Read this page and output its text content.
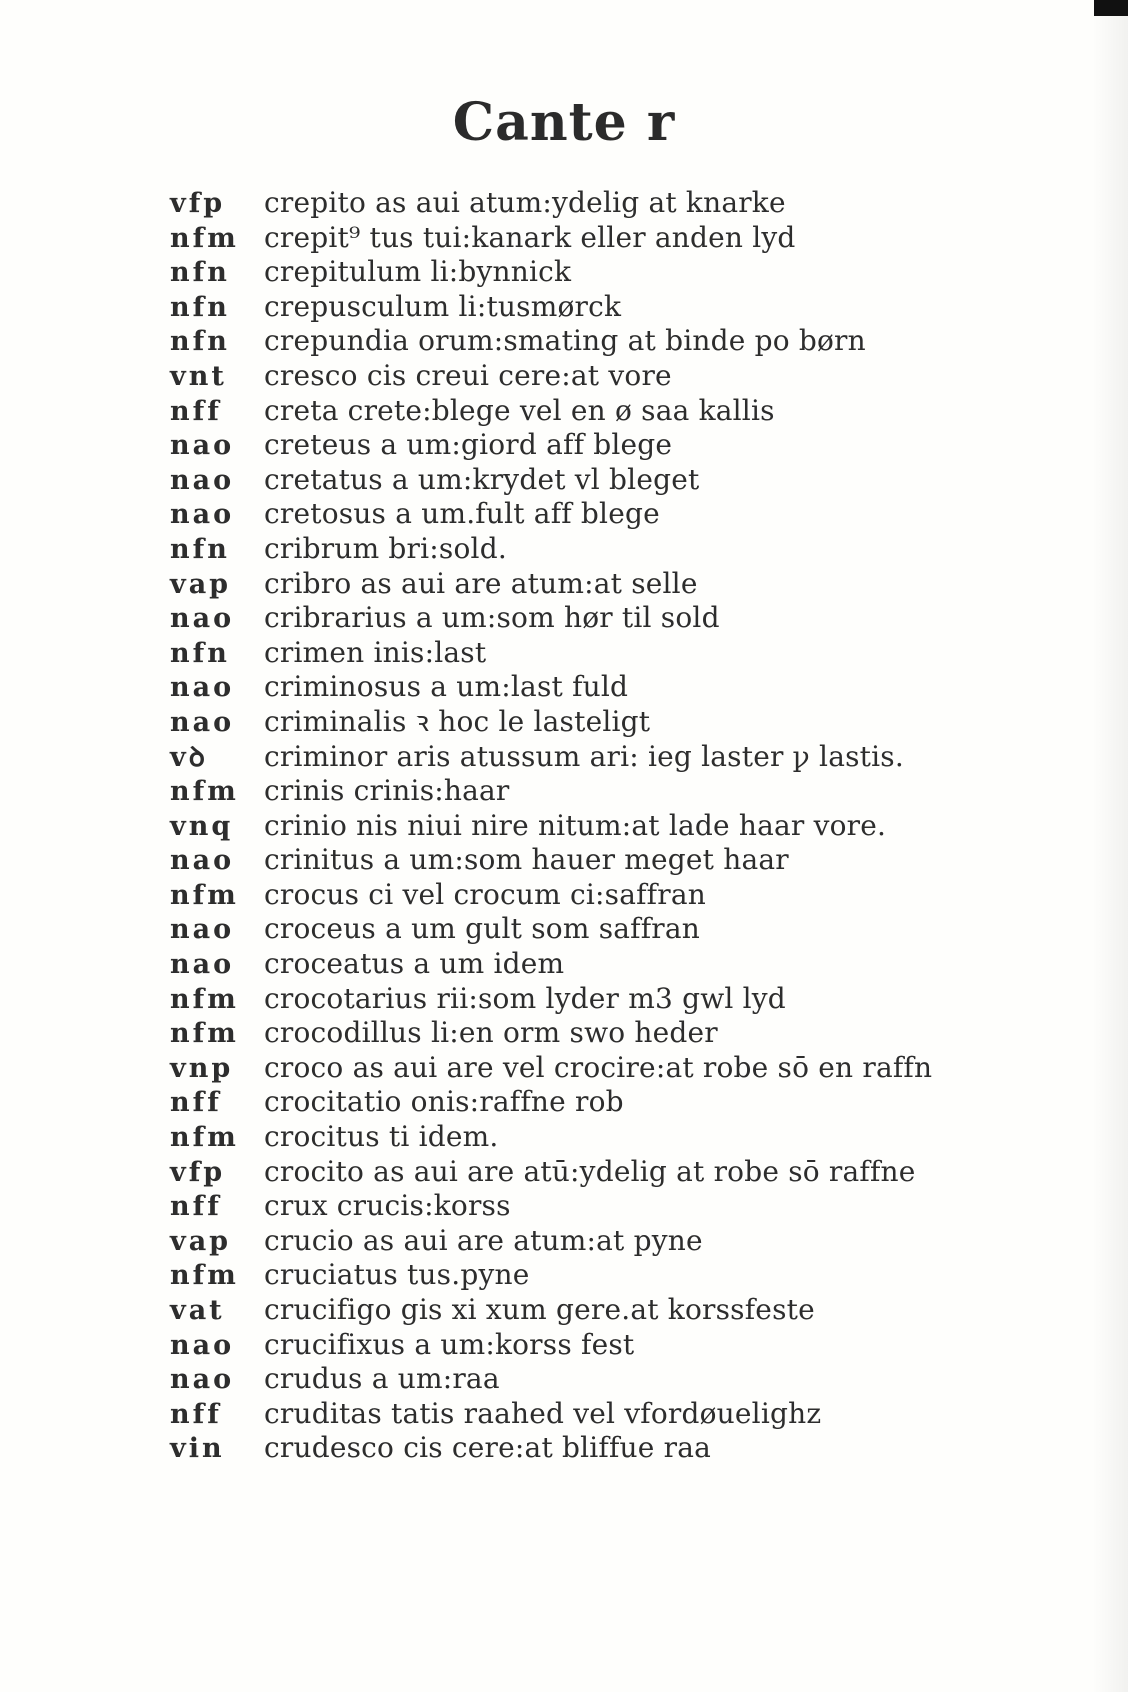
Cante r
vfp	crepito as aui atum:ydelig at knarke
nfm crepit⁹ tus tui:kanark eller anden lyd
nfn	crepitulum li:bynnick
nfn	crepusculum li:tusmørck
nfn	crepundia orum:smating at binde po børn
vnt	cresco cis creui cere:at vore
nff	creta crete:blege vel en ø saa kallis
nao	creteus a um:giord aff blege
nao	cretatus a um:krydet vl bleget
nao	cretosus a um.fult aff blege
nfn	cribrum bri:sold.
vap	cribro as aui are atum:at selle
nao	cribrarius a um:som hør til sold
nfn	crimen inis:last
nao	criminosus a um:last fuld
nao	criminalis ꝛ hoc le lasteligt
vꝺ	criminor aris atussum ari: ieg laster ꝩ lastis.
nfm crinis crinis:haar
vnq	crinio nis niui nire nitum:at lade haar vore.
nao	crinitus a um:som hauer meget haar
nfm crocus ci vel crocum ci:saffran
nao	croceus a um gult som saffran
nao	croceatus a um idem
nfm crocotarius rii:som lyder m3 gwl lyd
nfm crocodillus li:en orm swo heder
vnp	croco as aui are vel crocire:at robe sō en raffn
nff	crocitatio onis:raffne rob
nfm crocitus ti idem.
vfp	crocito as aui are atū:ydelig at robe sō raffne
nff	crux crucis:korss
vap	crucio as aui are atum:at pyne
nfm cruciatus tus.pyne
vat	crucifigo gis xi xum gere.at korssfeste
nao	crucifixus a um:korss fest
nao	crudus a um:raa
nff	cruditas tatis raahed vel vfordøuelighz
vin	crudesco cis cere:at bliffue raa
